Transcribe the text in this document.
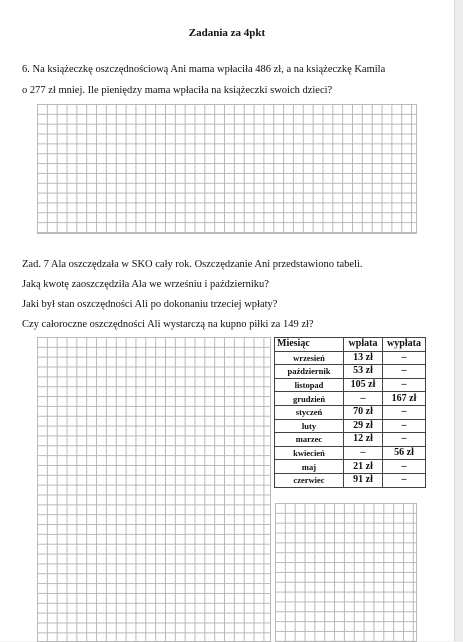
Zadania za 4pkt
6. Na książeczkę oszczędnościową Ani mama wpłaciła 486 zł, a na książeczkę Kamila
o 277 zł mniej. Ile pieniędzy mama wpłaciła na książeczki swoich dzieci?
Zad. 7 Ala oszczędzała w SKO cały rok. Oszczędzanie Ani przedstawiono tabeli.
Jaką kwotę zaoszczędziła Ala we wrześniu i październiku?
Jaki był stan oszczędności Ali po dokonaniu trzeciej wpłaty?
Czy całoroczne oszczędności Ali wystarczą na kupno piłki za 149 zł?
Miesiąc	wpłata	wypłata
wrzesień	13 zł	–
październik	53 zł	–
listopad	105 zł	–
grudzień	–	167 zł
styczeń	70 zł	–
luty	29 zł	–
marzec	12 zł	–
kwiecień	–	56 zł
maj	21 zł	–
czerwiec	91 zł	–
